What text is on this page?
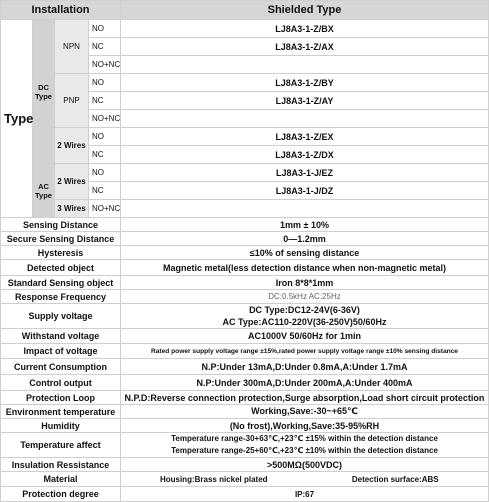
Installation				Shielded Type
Type	DC Type	NPN	NO	LJ8A3-1-Z/BX
			NC	LJ8A3-1-Z/AX
			NO+NC	
		PNP	NO	LJ8A3-1-Z/BY
			NC	LJ8A3-1-Z/AY
			NO+NC	
		2 Wires	NO	LJ8A3-1-Z/EX
			NC	LJ8A3-1-Z/DX
	AC Type	2 Wires	NO	LJ8A3-1-J/EZ
			NC	LJ8A3-1-J/DZ
		3 Wires	NO+NC	
Sensing Distance				1mm ± 10%
Secure Sensing Distance				0—1.2mm
Hysteresis				≤10% of sensing distance
Detected object				Magnetic metal(less detection distance when non-magnetic metal)
Standard Sensing object				Iron 8*8*1mm
Response Frequency				DC:0.5kHz AC:25Hz
Supply voltage				DC Type:DC12-24V(6-36V)
AC Type:AC110-220V(36-250V)50/60Hz

Withstand voltage				AC1000V 50/60Hz for 1min
Impact of voltage				Rated power supply voltage range ±15%,rated power supply voltage range ±10% sensing distance
Current Consumption				N.P:Under 13mA,D:Under 0.8mA,A:Under 1.7mA
Control output				N.P:Under 300mA,D:Under 200mA,A:Under 400mA
Protection Loop				N.P.D:Reverse connection protection,Surge absorption,Load short circuit protection
Environment temperature				Working,Save:-30~+65℃
Humidity				(No frost),Working,Save:35-95%RH
Temperature affect				Temperature range-30+63℃,+23℃ ±15% within the detection distance
Temperature range-25+60℃,+23℃ ±10% within the detection distance

Insulation Ressistance				>500MΩ(500VDC)
Material				Housing:Brass nickel plated Detection surface:ABS
Protection degree				IP:67
